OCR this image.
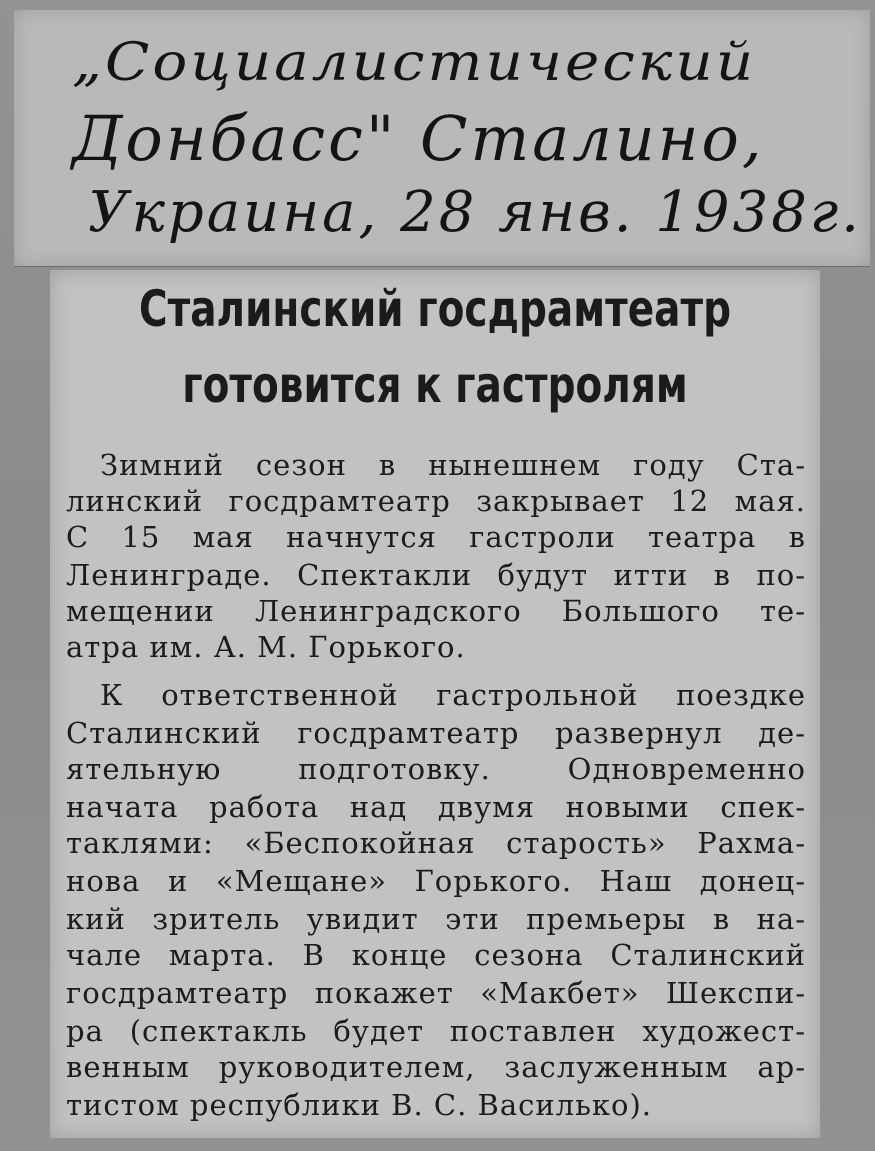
„Социалистический
Донбасс" Сталино,
Украина, 28 янв. 1938г.
Сталинский госдрамтеатр
готовится к гастролям
Зимний сезон в нынешнем году Ста-
линский госдрамтеатр закрывает 12 мая.
С 15 мая начнутся гастроли театра в
Ленинграде. Спектакли будут итти в по-
мещении Ленинградского Большого те-
атра им. А. М. Горького.
К ответственной гастрольной поездке
Сталинский госдрамтеатр развернул де-
ятельную подготовку. Одновременно
начата работа над двумя новыми спек-
таклями: «Беспокойная старость» Рахма-
нова и «Мещане» Горького. Наш донец-
кий зритель увидит эти премьеры в на-
чале марта. В конце сезона Сталинский
госдрамтеатр покажет «Макбет» Шекспи-
ра (спектакль будет поставлен художест-
венным руководителем, заслуженным ар-
тистом республики В. С. Василько).
